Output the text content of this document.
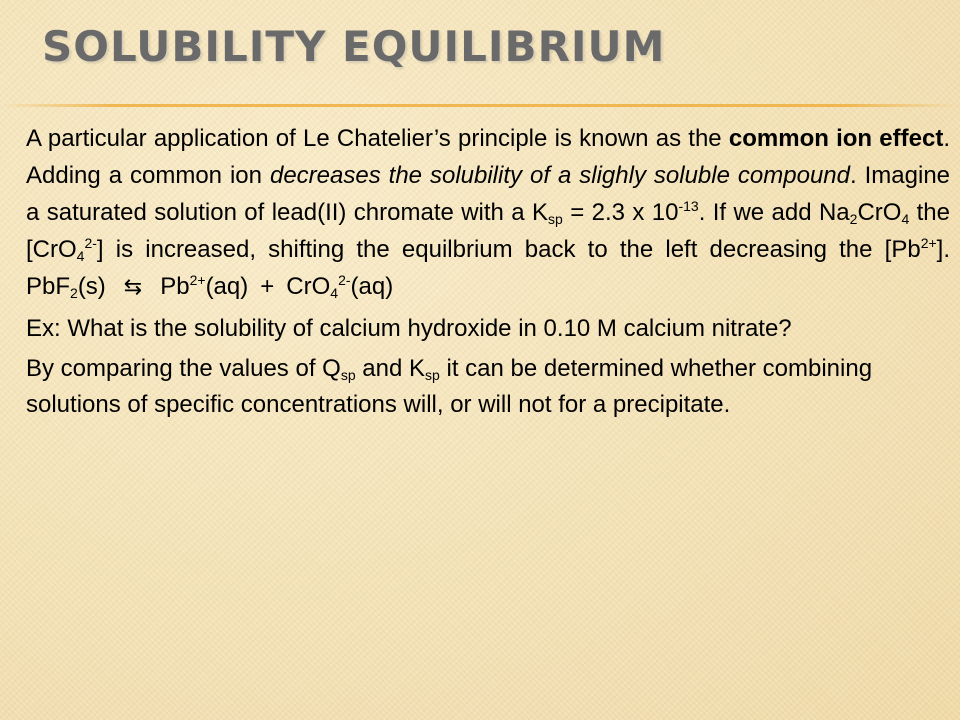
SOLUBILITY EQUILIBRIUM

A particular application of Le Chatelier’s principle is known as the common ion effect. Adding a common ion decreases the solubility of a slighly soluble compound. Imagine a saturated solution of lead(II) chromate with a $K_{sp} = 2.3$ x $10^{-13}$. If we add $Na_2CrO_4$ the [CrO$_4^{2-}$] is increased, shifting the equilbrium back to the left decreasing the $[Pb^{2+}]$. PbF$_2$(s) ⇆ $Pb^{2+}(aq) + CrO_4^{2-}(aq)$

Ex: What is the solubility of calcium hydroxide in 0.10 M calcium nitrate?

By comparing the values of $Q_{sp}$ and $K_{sp}$ it can be determined whether combining solutions of specific concentrations will, or will not for a precipitate.
